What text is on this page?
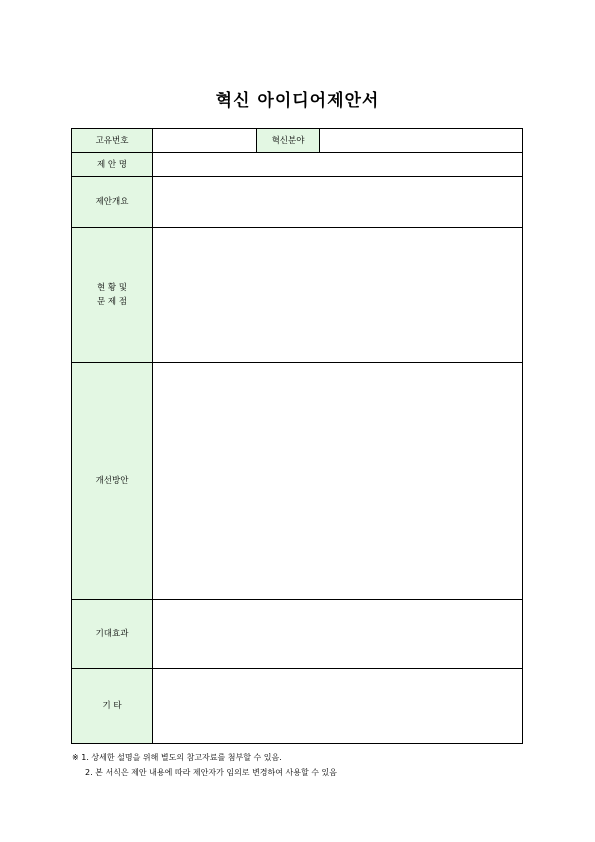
혁신 아이디어제안서
고유번호		혁신분야	
제 안 명			
제안개요			

현 황 및
문 제 점			

개선방안			
기대효과			
기 타			
※ 1. 상세한 설명을 위해 별도의 참고자료를 첨부할 수 있음.
2. 본 서식은 제안 내용에 따라 제안자가 임의로 변경하여 사용할 수 있음
